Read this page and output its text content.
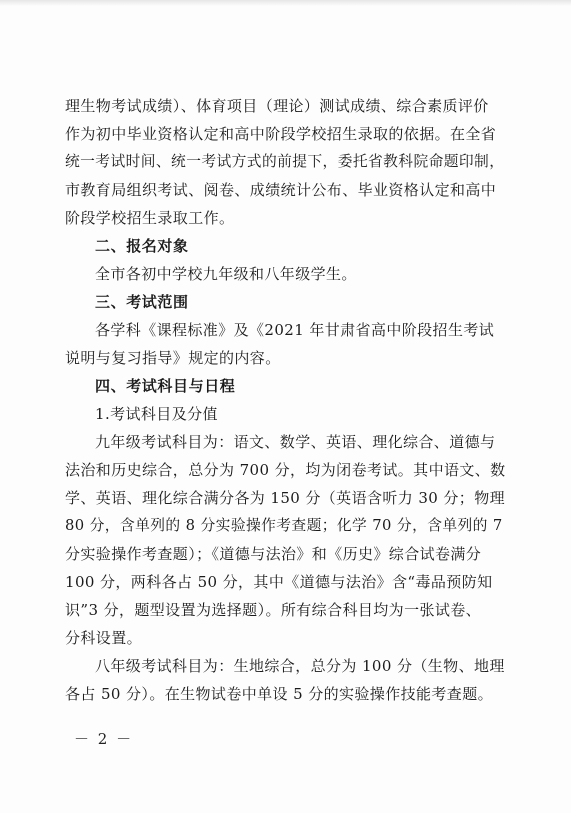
理生物考试成绩）、体育项目（理论）测试成绩、综合素质评价
作为初中毕业资格认定和高中阶段学校招生录取的依据。在全省
统一考试时间、统一考试方式的前提下，委托省教科院命题印制，
市教育局组织考试、阅卷、成绩统计公布、毕业资格认定和高中
阶段学校招生录取工作。
二、报名对象
全市各初中学校九年级和八年级学生。
三、考试范围
各学科《课程标准》及《2021 年甘肃省高中阶段招生考试
说明与复习指导》规定的内容。
四、考试科目与日程
1.考试科目及分值
九年级考试科目为：语文、数学、英语、理化综合、道德与
法治和历史综合，总分为 700 分，均为闭卷考试。其中语文、数
学、英语、理化综合满分各为 150 分（英语含听力 30 分；物理
80 分，含单列的 8 分实验操作考查题；化学 70 分，含单列的 7
分实验操作考查题）；《道德与法治》和《历史》综合试卷满分
100 分，两科各占 50 分，其中《道德与法治》含“毒品预防知
识”3 分，题型设置为选择题）。所有综合科目均为一张试卷、
分科设置。
八年级考试科目为：生地综合，总分为 100 分（生物、地理
各占 50 分）。在生物试卷中单设 5 分的实验操作技能考查题。
－ 2 －
